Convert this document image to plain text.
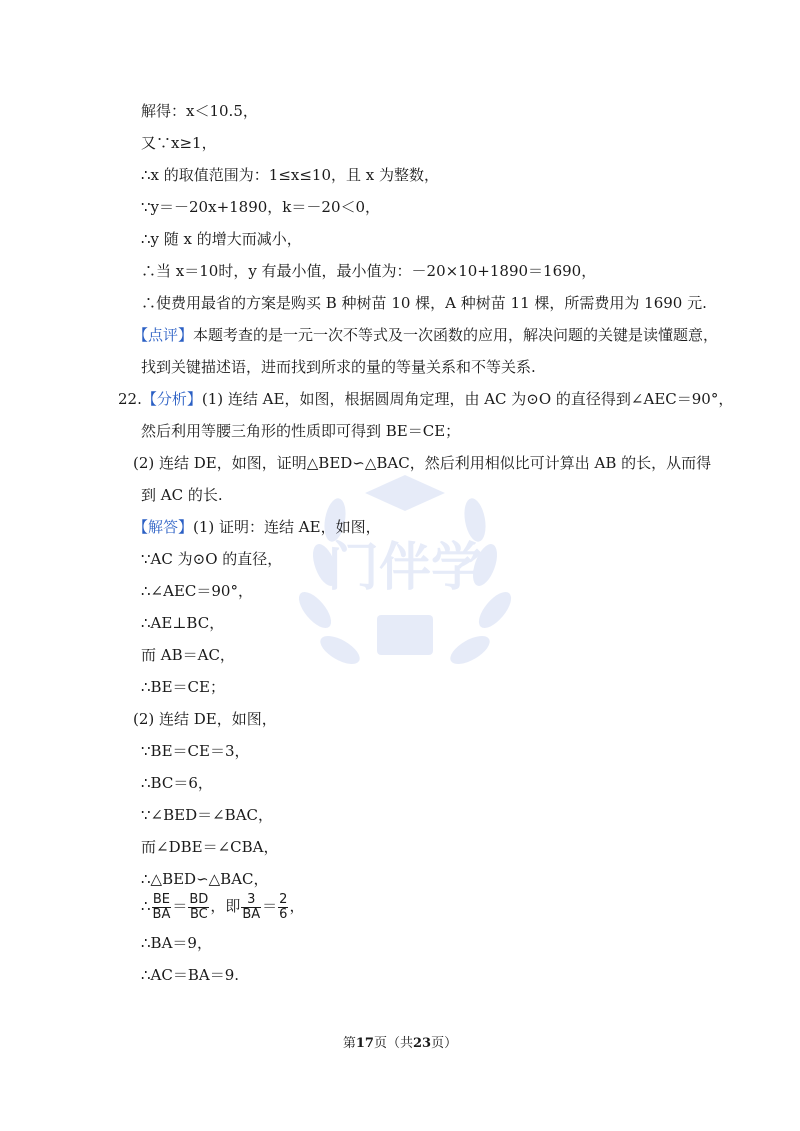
门伴学
解得：x＜10.5，
又∵x≥1，
∴x 的取值范围为：1≤x≤10，且 x 为整数，
∵y＝－20x+1890，k＝－20＜0，
∴y 随 x 的增大而减小，
∴当 x＝10时，y 有最小值，最小值为：－20×10+1890＝1690，
∴使费用最省的方案是购买 B 种树苗 10 棵，A 种树苗 11 棵，所需费用为 1690 元.
【点评】本题考查的是一元一次不等式及一次函数的应用，解决问题的关键是读懂题意，
找到关键描述语，进而找到所求的量的等量关系和不等关系.
22.【分析】(1) 连结 AE，如图，根据圆周角定理，由 AC 为⊙O 的直径得到∠AEC＝90°，
然后利用等腰三角形的性质即可得到 BE＝CE；
(2) 连结 DE，如图，证明△BED∽△BAC，然后利用相似比可计算出 AB 的长，从而得
到 AC 的长.
【解答】(1) 证明：连结 AE，如图，
∵AC 为⊙O 的直径，
∴∠AEC＝90°，
∴AE⊥BC，
而 AB＝AC，
∴BE＝CE；
(2) 连结 DE，如图，
∵BE＝CE＝3，
∴BC＝6，
∵∠BED＝∠BAC，
而∠DBE＝∠CBA，
∴△BED∽△BAC，
∴ $\frac{BE}{BA} = \frac{BD}{BC}$ ，即 $\frac{3}{BA} = \frac{2}{6}$ ，
∴BA＝9，
∴AC＝BA＝9.
第17页（共23页）
